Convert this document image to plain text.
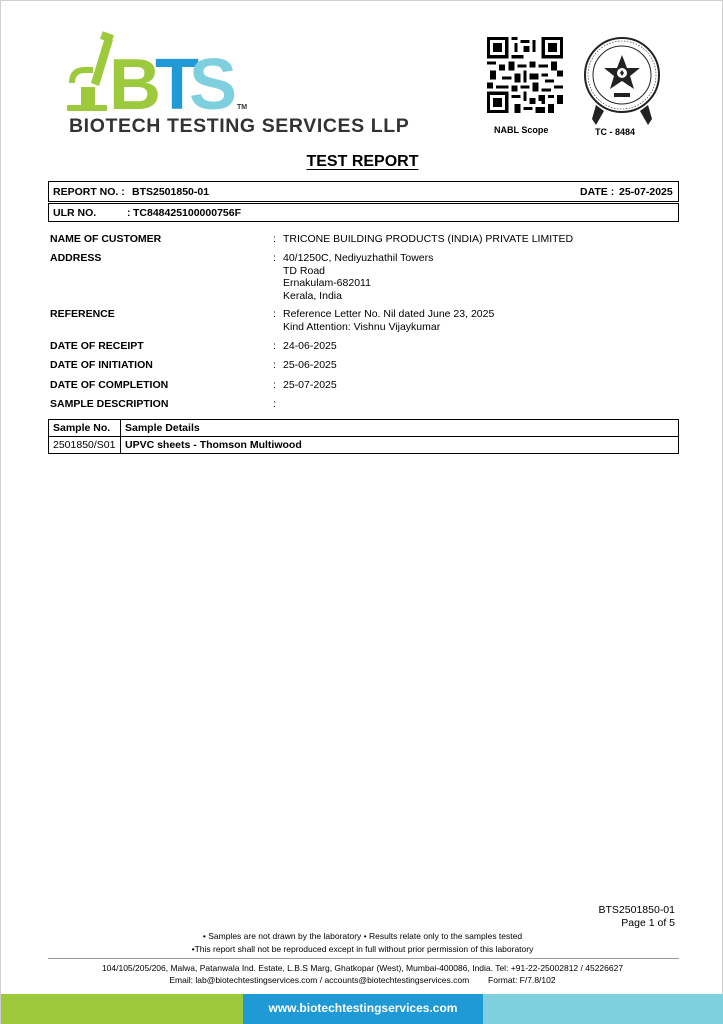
B
T
S TM
BIOTECH TESTING SERVICES LLP	NABL Scope	TC - 8484
TEST REPORT
REPORT NO. : BTS2501850-01	DATE : 25-07-2025
ULR NO.	: TC848425100000756F
NAME OF CUSTOMER	: TRICONE BUILDING PRODUCTS (INDIA) PRIVATE LIMITED
ADDRESS	: 40/1250C, Nediyuzhathil Towers
TD Road
Ernakulam-682011
Kerala, India
REFERENCE	: Reference Letter No. Nil dated June 23, 2025
Kind Attention: Vishnu Vijaykumar
DATE OF RECEIPT	: 24-06-2025
DATE OF INITIATION	: 25-06-2025
DATE OF COMPLETION	: 25-07-2025
SAMPLE DESCRIPTION	:
Sample No.	Sample Details
2501850/S01	UPVC sheets - Thomson Multiwood
BTS2501850-01
Page 1 of 5
• Samples are not drawn by the laboratory • Results relate only to the samples tested
•This report shall not be reproduced except in full without prior permission of this laboratory
104/105/205/206, Malwa, Patanwala Ind. Estate, L.B.S Marg, Ghatkopar (West), Mumbai-400086, India. Tel: +91-22-25002812 / 45226627
Email: lab@biotechtestingservices.com / accounts@biotechtestingservices.com        Format: F/7.8/102
www.biotechtestingservices.com
